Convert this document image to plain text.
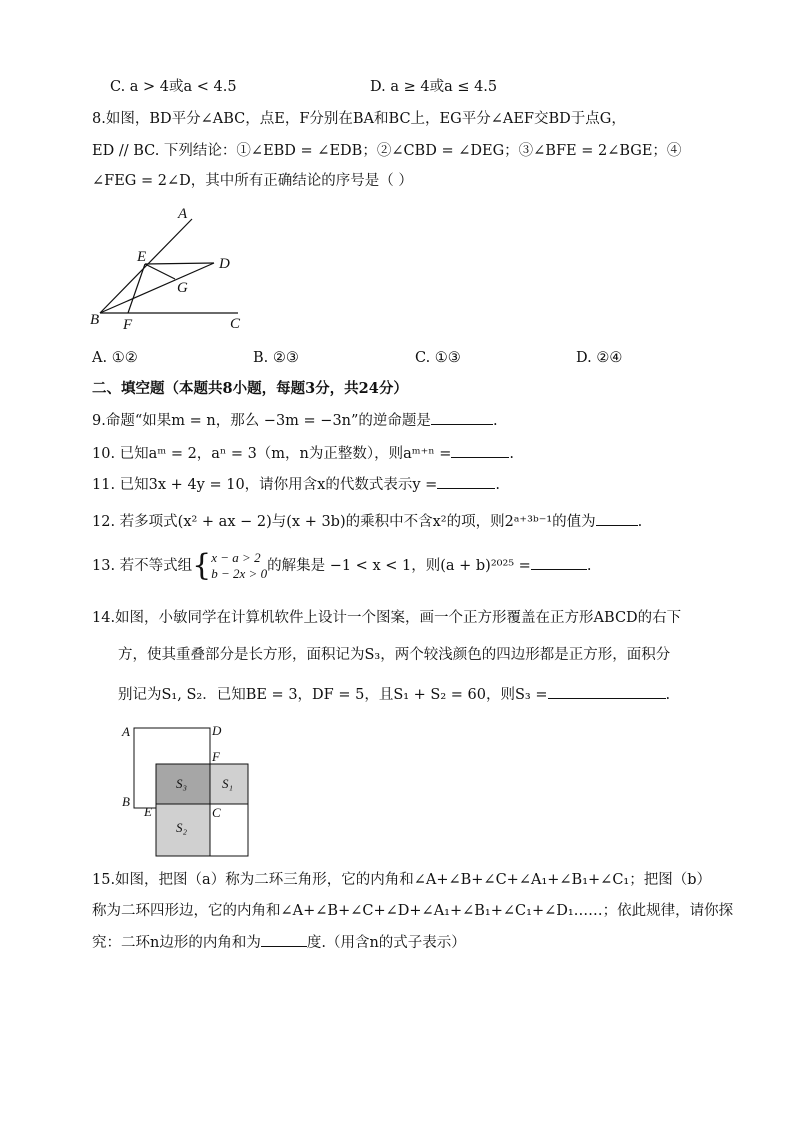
C. a > 4或a < 4.5	D. a ≥ 4或a ≤ 4.5
8.如图，BD平分∠ABC，点E，F分别在BA和BC上，EG平分∠AEF交BD于点G，
ED // BC. 下列结论：①∠EBD = ∠EDB；②∠CBD = ∠DEG；③∠BFE = 2∠BGE；④
∠FEG = 2∠D，其中所有正确结论的序号是（ ）
A
E	D
G
B F	C
A. ①②	B. ②③	C. ①③	D. ②④
二、填空题（本题共8小题，每题3分，共24分）
9.命题“如果m = n，那么 −3m = −3n”的逆命题是	.
10. 已知aᵐ = 2，aⁿ = 3（m，n为正整数），则aᵐ⁺ⁿ =	.
11. 已知3x + 4y = 10，请你用含x的代数式表示y =	.
12. 若多项式(x² + ax − 2)与(x + 3b)的乘积中不含x²的项，则2ᵃ⁺³ᵇ⁻¹的值为	.
13. 若不等式组{ x − a > 2
b − 2x > 0 的解集是 −1 < x < 1，则(a + b)²⁰²⁵ =	.
14.如图，小敏同学在计算机软件上设计一个图案，画一个正方形覆盖在正方形ABCD的右下
方，使其重叠部分是长方形，面积记为S₃，两个较浅颜色的四边形都是正方形，面积分
别记为S₁, S₂．已知BE = 3，DF = 5，且S₁ + S₂ = 60，则S₃ =	.
A	D
F
B
E	C
S₃	S₁
S₂
15.如图，把图（a）称为二环三角形，它的内角和∠A+∠B+∠C+∠A₁+∠B₁+∠C₁；把图（b）
称为二环四形边，它的内角和∠A+∠B+∠C+∠D+∠A₁+∠B₁+∠C₁+∠D₁……；依此规律，请你探
究：二环n边形的内角和为	度.（用含n的式子表示）
